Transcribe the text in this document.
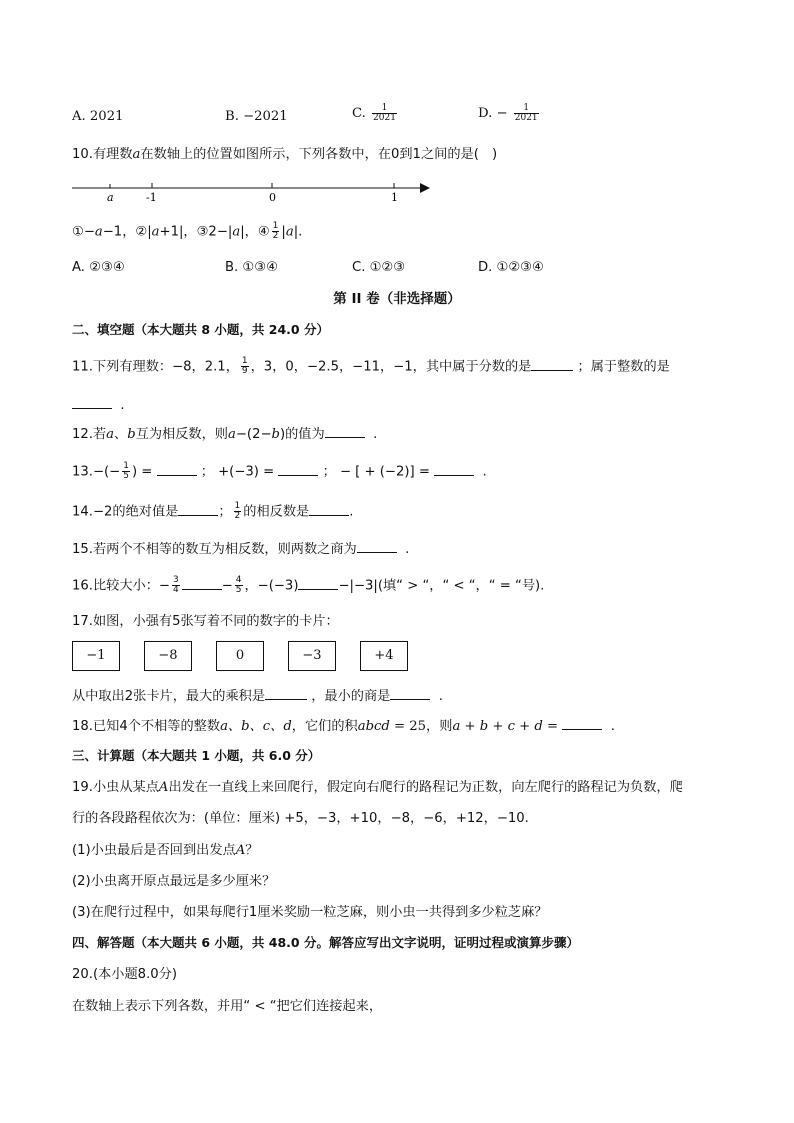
A. 2021	B. −2021	C. $\frac{1}{2021}$	D. − $\frac{1}{2021}$
10.有理数a在数轴上的位置如图所示，下列各数中，在0到1之间的是(  )
a	-1	0	1
①−a−1，②|a+1|，③2−|a|，④ $\frac{1}{2} |a|$.
A. ②③④	B. ①③④	C. ①②③	D. ①②③④
第 II 卷（非选择题）
二、填空题（本大题共 8 小题，共 24.0 分）
11.下列有理数：−8，2.1， $\frac{1}{9}$ ，3，0，−2.5，−11，−1，其中属于分数的是	；属于整数的是
.
12.若a、b互为相反数，则a−(2−b)的值为	.
$13.-(- \frac{1}{5}$ ) =	； +(−3) =	； − [ + (−2)] =	.
14.−2的绝对值是	； $\frac{1}{2}$ 的相反数是	.
15.若两个不相等的数互为相反数，则两数之商为	.
16.比较大小：− $\frac{3}{4}$	− $\frac{4}{5}$ ，−(−3)	−|−3|(填“ > “，“ < “，“ = “号).
17.如图，小强有5张写着不同的数字的卡片：
−1	−8	0	−3	+4
从中取出2张卡片，最大的乘积是	，最小的商是	.
18.已知4个不相等的整数a、b、c、d，它们的积abcd = 25，则a + b + c + d =	.
三、计算题（本大题共 1 小题，共 6.0 分）
19.小虫从某点A出发在一直线上来回爬行，假定向右爬行的路程记为正数，向左爬行的路程记为负数，爬
行的各段路程依次为：(单位：厘米) +5，−3，+10，−8，−6，+12，−10.
(1)小虫最后是否回到出发点A？
(2)小虫离开原点最远是多少厘米？
(3)在爬行过程中，如果每爬行1厘米奖励一粒芝麻，则小虫一共得到多少粒芝麻？
四、解答题（本大题共 6 小题，共 48.0 分。解答应写出文字说明，证明过程或演算步骤）
20.(本小题8.0分)
在数轴上表示下列各数，并用“ < “把它们连接起来，
